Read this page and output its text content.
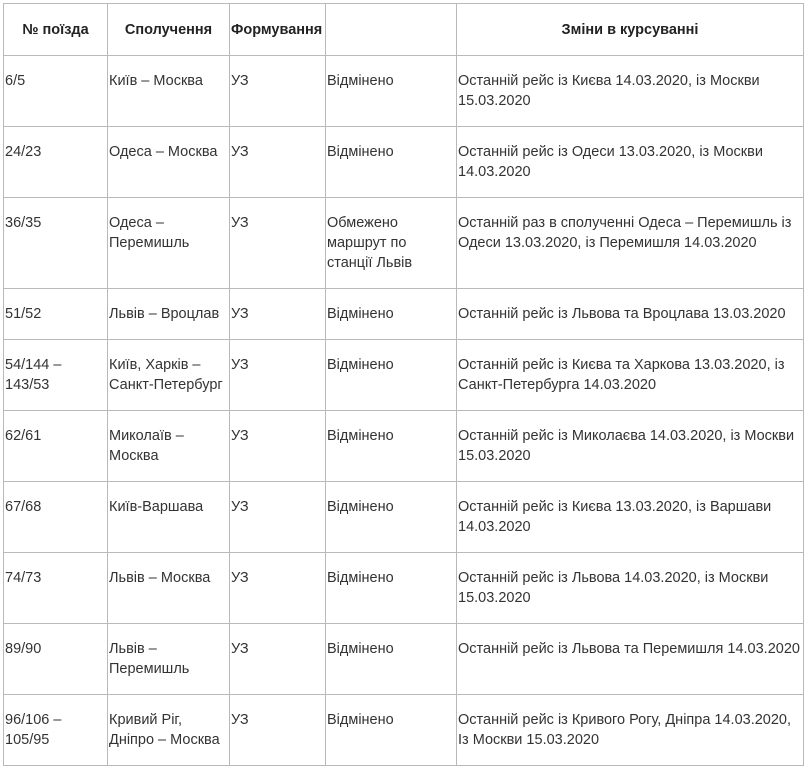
№ поїзда	Сполучення	Формування		Зміни в курсуванні
6/5	Київ – Москва	УЗ	Відмінено	Останній рейс із Києва 14.03.2020, із Москви 15.03.2020
24/23	Одеса – Москва	УЗ	Відмінено	Останній рейс із Одеси 13.03.2020, із Москви 14.03.2020
36/35	Одеса – Перемишль	УЗ	Обмежено маршрут по станції Львів	Останній раз в сполученні Одеса – Перемишль із Одеси 13.03.2020, із Перемишля 14.03.2020
51/52	Львів – Вроцлав	УЗ	Відмінено	Останній рейс із Львова та Вроцлава 13.03.2020
54/144 – 143/53	Київ, Харків – Санкт-Петербург	УЗ	Відмінено	Останній рейс із Києва та Харкова 13.03.2020, із Санкт-Петербурга 14.03.2020
62/61	Миколаїв – Москва	УЗ	Відмінено	Останній рейс із Миколаєва 14.03.2020, із Москви 15.03.2020
67/68	Київ-Варшава	УЗ	Відмінено	Останній рейс із Києва 13.03.2020, із Варшави 14.03.2020
74/73	Львів – Москва	УЗ	Відмінено	Останній рейс із Львова 14.03.2020, із Москви 15.03.2020
89/90	Львів – Перемишль	УЗ	Відмінено	Останній рейс із Львова та Перемишля 14.03.2020
96/106 – 105/95	Кривий Ріг, Дніпро – Москва	УЗ	Відмінено	Останній рейс із Кривого Рогу, Дніпра 14.03.2020, Із Москви 15.03.2020
